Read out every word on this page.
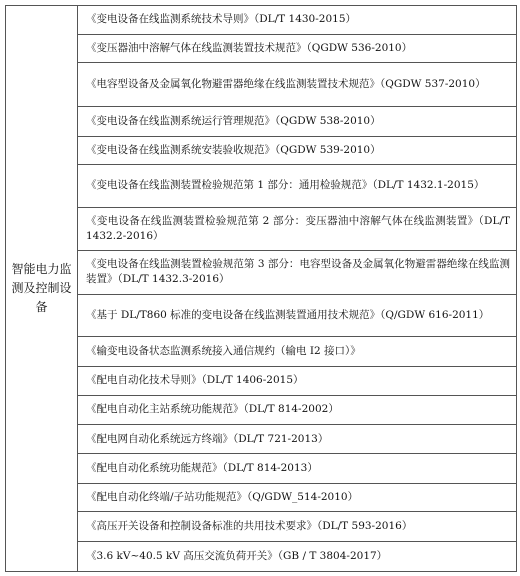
智能电力监测及控制设备	《变电设备在线监测系统技术导则》（DL/T 1430-2015）
《变压器油中溶解气体在线监测装置技术规范》（QGDW 536-2010）
《电容型设备及金属氧化物避雷器绝缘在线监测装置技术规范》（QGDW 537-2010）
《变电设备在线监测系统运行管理规范》（QGDW 538-2010）
《变电设备在线监测系统安装验收规范》（QGDW 539-2010）
《变电设备在线监测装置检验规范第 1 部分：通用检验规范》（DL/T 1432.1-2015）
《变电设备在线监测装置检验规范第 2 部分：变压器油中溶解气体在线监测装置》（DL/T 1432.2-2016）
《变电设备在线监测装置检验规范第 3 部分：电容型设备及金属氧化物避雷器绝缘在线监测装置》（DL/T 1432.3-2016）
《基于 DL/T860 标准的变电设备在线监测装置通用技术规范》（Q/GDW 616-2011）
《输变电设备状态监测系统接入通信规约（输电 I2 接口）》
《配电自动化技术导则》（DL/T 1406-2015）
《配电自动化主站系统功能规范》（DL/T 814-2002）
《配电网自动化系统远方终端》（DL/T 721-2013）
《配电自动化系统功能规范》（DL/T 814-2013）
《配电自动化终端/子站功能规范》（Q/GDW_514-2010）
《高压开关设备和控制设备标准的共用技术要求》（DL/T 593-2016）
《3.6 kV~40.5 kV 高压交流负荷开关》（GB / T 3804-2017）
